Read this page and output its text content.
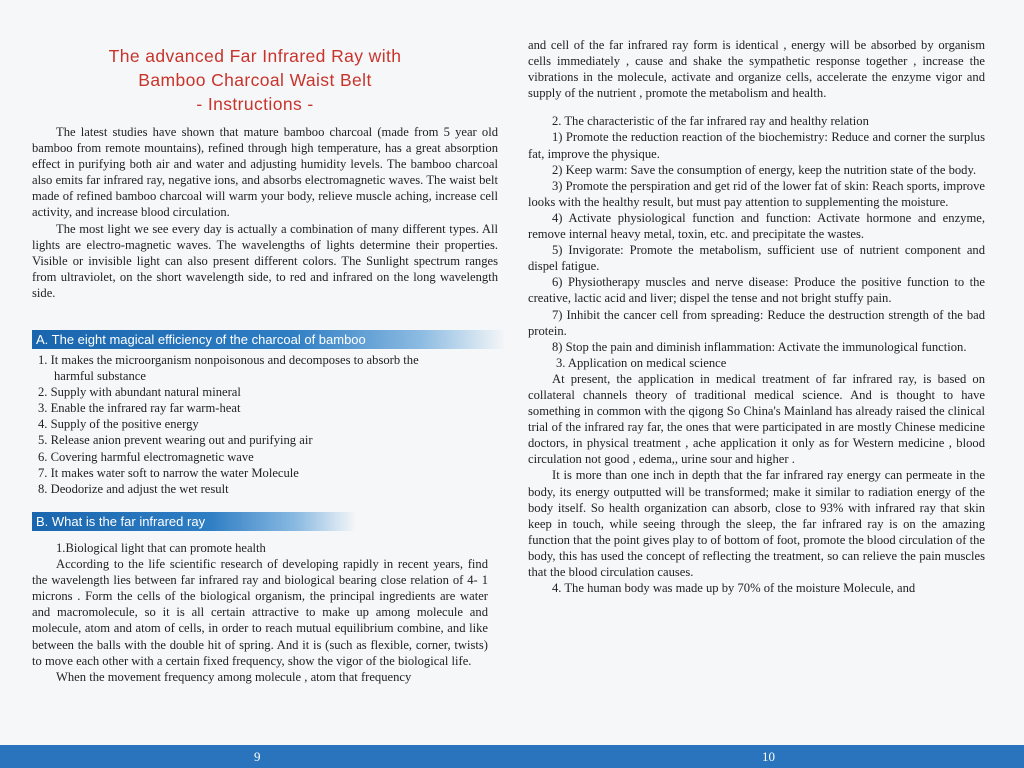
The advanced Far Infrared Ray with
Bamboo Charcoal Waist Belt
- Instructions -

The latest studies have shown that mature bamboo charcoal (made from 5 year old bamboo from remote mountains), refined through high temperature, has a great absorption effect in purifying both air and water and adjusting humidity levels. The bamboo charcoal also emits far infrared ray, negative ions, and absorbs electromagnetic waves. The waist belt made of refined bamboo charcoal will warm your body, relieve muscle aching, increase cell activity, and increase blood circulation.

The most light we see every day is actually a combination of many different types. All lights are electro-magnetic waves. The wavelengths of lights determine their properties. Visible or invisible light can also present different colors. The Sunlight spectrum ranges from ultraviolet, on the short wavelength side, to red and infrared on the long wavelength side.

A. The eight magical efficiency of the charcoal of bamboo
1. It makes the microorganism nonpoisonous and decomposes to absorb the
harmful substance
2. Supply with abundant natural mineral
3. Enable the infrared ray far warm-heat
4. Supply of the positive energy
5. Release anion prevent wearing out and purifying air
6. Covering harmful electromagnetic wave
7. It makes water soft to narrow the water Molecule
8. Deodorize and adjust the wet result
B. What is the far infrared ray

1.Biological light that can promote health

According to the life scientific research of developing rapidly in recent years, find the wavelength lies between far infrared ray and biological bearing close relation of 4- 1 microns . Form the cells of the biological organism, the principal ingredients are water and macromolecule, so it is all certain attractive to make up among molecule and molecule, atom and atom of cells, in order to reach mutual equilibrium combine, and like between the balls with the double hit of spring. And it is (such as flexible, corner, twists) to move each other with a certain fixed frequency, show the vigor of the biological life.

When the movement frequency among molecule , atom that frequency

and cell of the far infrared ray form is identical , energy will be absorbed by organism cells immediately , cause and shake the sympathetic response together , increase the vibrations in the molecule, activate and organize cells, accelerate the enzyme vigor and supply of the nutrient , promote the metabolism and health.

2. The characteristic of the far infrared ray and healthy relation

1) Promote the reduction reaction of the biochemistry: Reduce and corner the surplus fat, improve the physique.

2) Keep warm: Save the consumption of energy, keep the nutrition state of the body.

3) Promote the perspiration and get rid of the lower fat of skin: Reach sports, improve looks with the healthy result, but must pay attention to supplementing the moisture.

4) Activate physiological function and function: Activate hormone and enzyme, remove internal heavy metal, toxin, etc. and precipitate the wastes.

5) Invigorate: Promote the metabolism, sufficient use of nutrient component and dispel fatigue.

6) Physiotherapy muscles and nerve disease: Produce the positive function to the creative, lactic acid and liver; dispel the tense and not bright stuffy pain.

7) Inhibit the cancer cell from spreading: Reduce the destruction strength of the bad protein.

8) Stop the pain and diminish inflammation: Activate the immunological function.

3. Application on medical science

At present, the application in medical treatment of far infrared ray, is based on collateral channels theory of traditional medical science. And is thought to have something in common with the qigong So China's Mainland has already raised the clinical trial of the infrared ray far, the ones that were participated in are mostly Chinese medicine doctors, in physical treatment , ache application it only as for Western medicine , blood circulation not good , edema,, urine sour and higher .

It is more than one inch in depth that the far infrared ray energy can permeate in the body, its energy outputted will be transformed; make it similar to radiation energy of the body itself. So health organization can absorb, close to 93% with infrared ray that skin keep in touch, while seeing through the sleep, the far infrared ray is on the amazing function that the point gives play to of bottom of foot, promote the blood circulation of the body, this has used the concept of reflecting the treatment, so can relieve the pain muscles that the blood circulation causes.

4. The human body was made up by 70% of the moisture Molecule, and

9	10
